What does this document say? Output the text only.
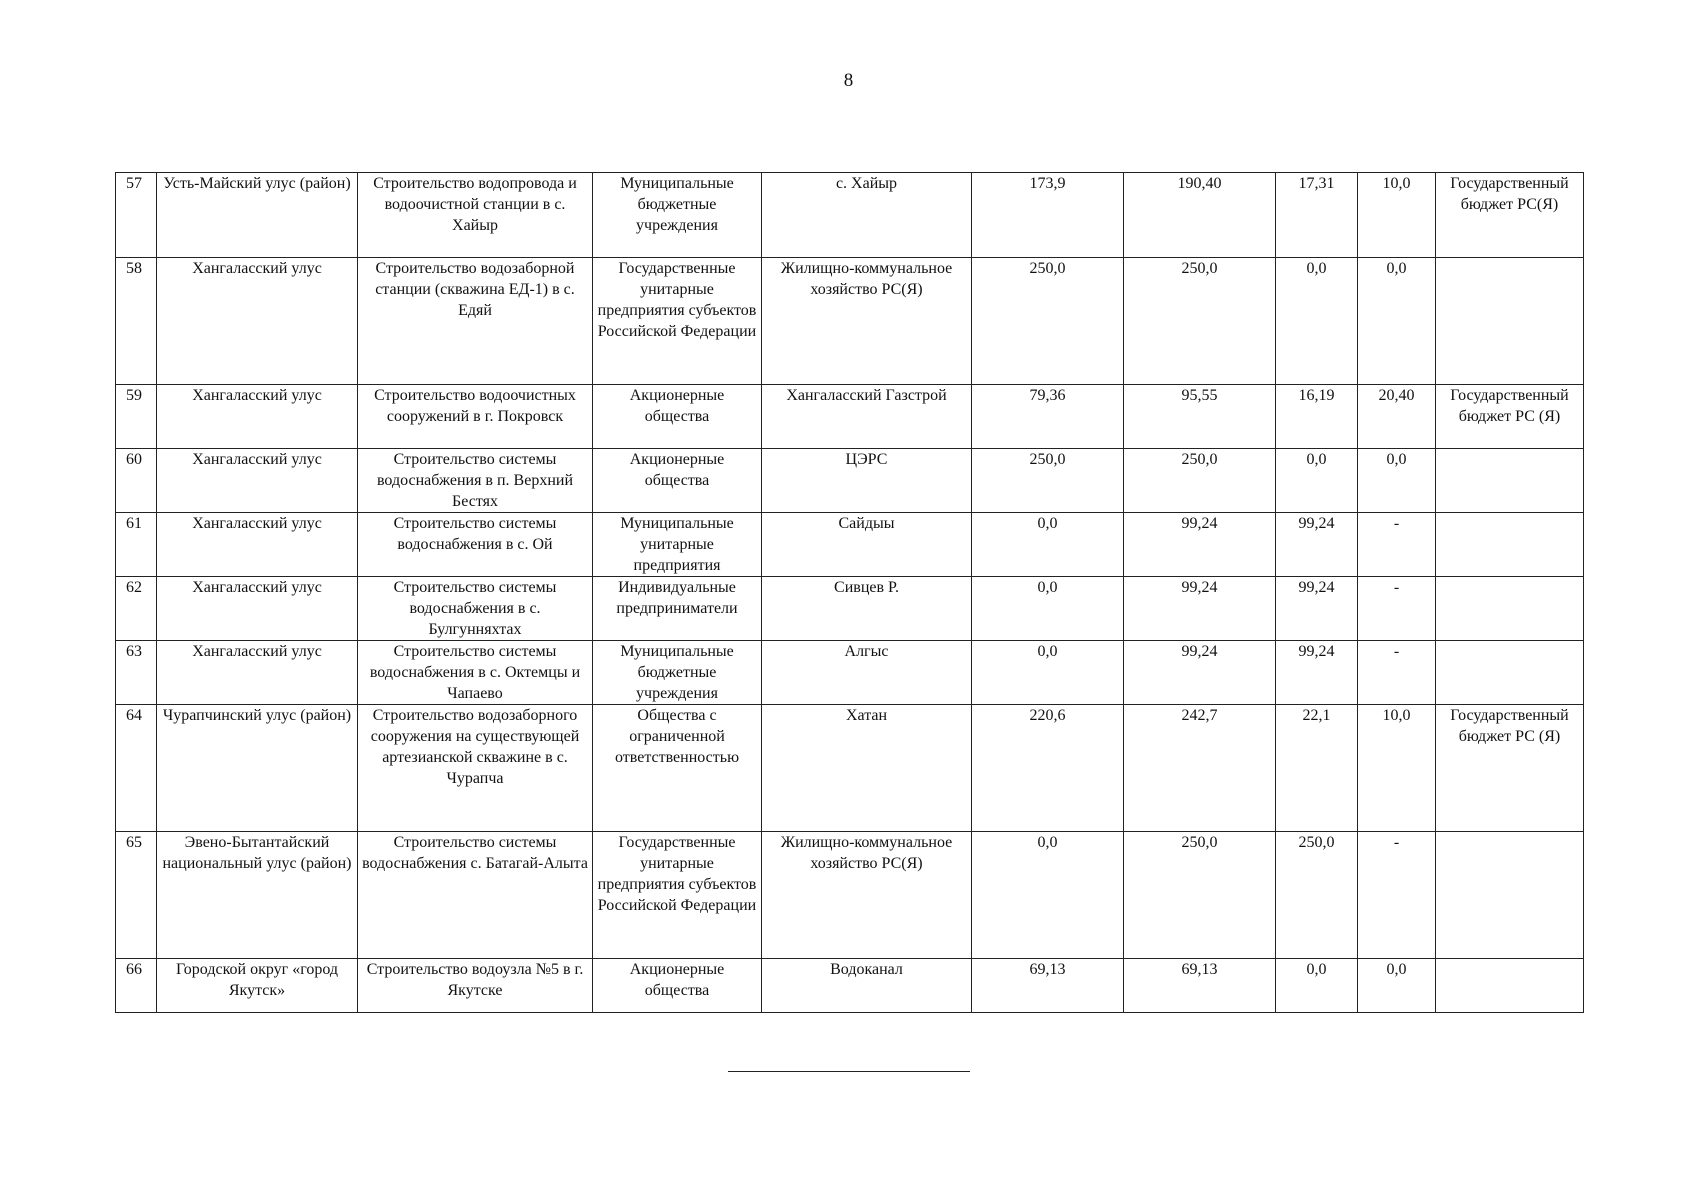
8
57	Усть-Майский улус (район)	Строительство водопровода и водоочистной станции в с. Хайыр	Муниципальные бюджетные учреждения	с. Хайыр	173,9	190,40	17,31	10,0	Государственный бюджет РС(Я)
58	Хангаласский улус	Строительство водозаборной станции (скважина ЕД-1) в с. Едяй	Государственные унитарные предприятия субъектов Российской Федерации	Жилищно-коммунальное хозяйство РС(Я)	250,0	250,0	0,0	0,0	
59	Хангаласский улус	Строительство водоочистных сооружений в г. Покровск	Акционерные общества	Хангаласский Газстрой	79,36	95,55	16,19	20,40	Государственный бюджет РС (Я)
60	Хангаласский улус	Строительство системы водоснабжения в п. Верхний Бестях	Акционерные общества	ЦЭРС	250,0	250,0	0,0	0,0	
61	Хангаласский улус	Строительство системы водоснабжения в с. Ой	Муниципальные унитарные предприятия	Сайдыы	0,0	99,24	99,24	-	
62	Хангаласский улус	Строительство системы водоснабжения в с. Булгунняхтах	Индивидуальные предприниматели	Сивцев Р.	0,0	99,24	99,24	-	
63	Хангаласский улус	Строительство системы водоснабжения в с. Октемцы и Чапаево	Муниципальные бюджетные учреждения	Алгыс	0,0	99,24	99,24	-	
64	Чурапчинский улус (район)	Строительство водозаборного сооружения на существующей артезианской скважине в с. Чурапча	Общества с ограниченной ответственностью	Хатан	220,6	242,7	22,1	10,0	Государственный бюджет РС (Я)
65	Эвено-Бытантайский национальный улус (район)	Строительство системы водоснабжения с. Батагай-Алыта	Государственные унитарные предприятия субъектов Российской Федерации	Жилищно-коммунальное хозяйство РС(Я)	0,0	250,0	250,0	-	
66	Городской округ «город Якутск»	Строительство водоузла №5 в г. Якутске	Акционерные общества	Водоканал	69,13	69,13	0,0	0,0	
